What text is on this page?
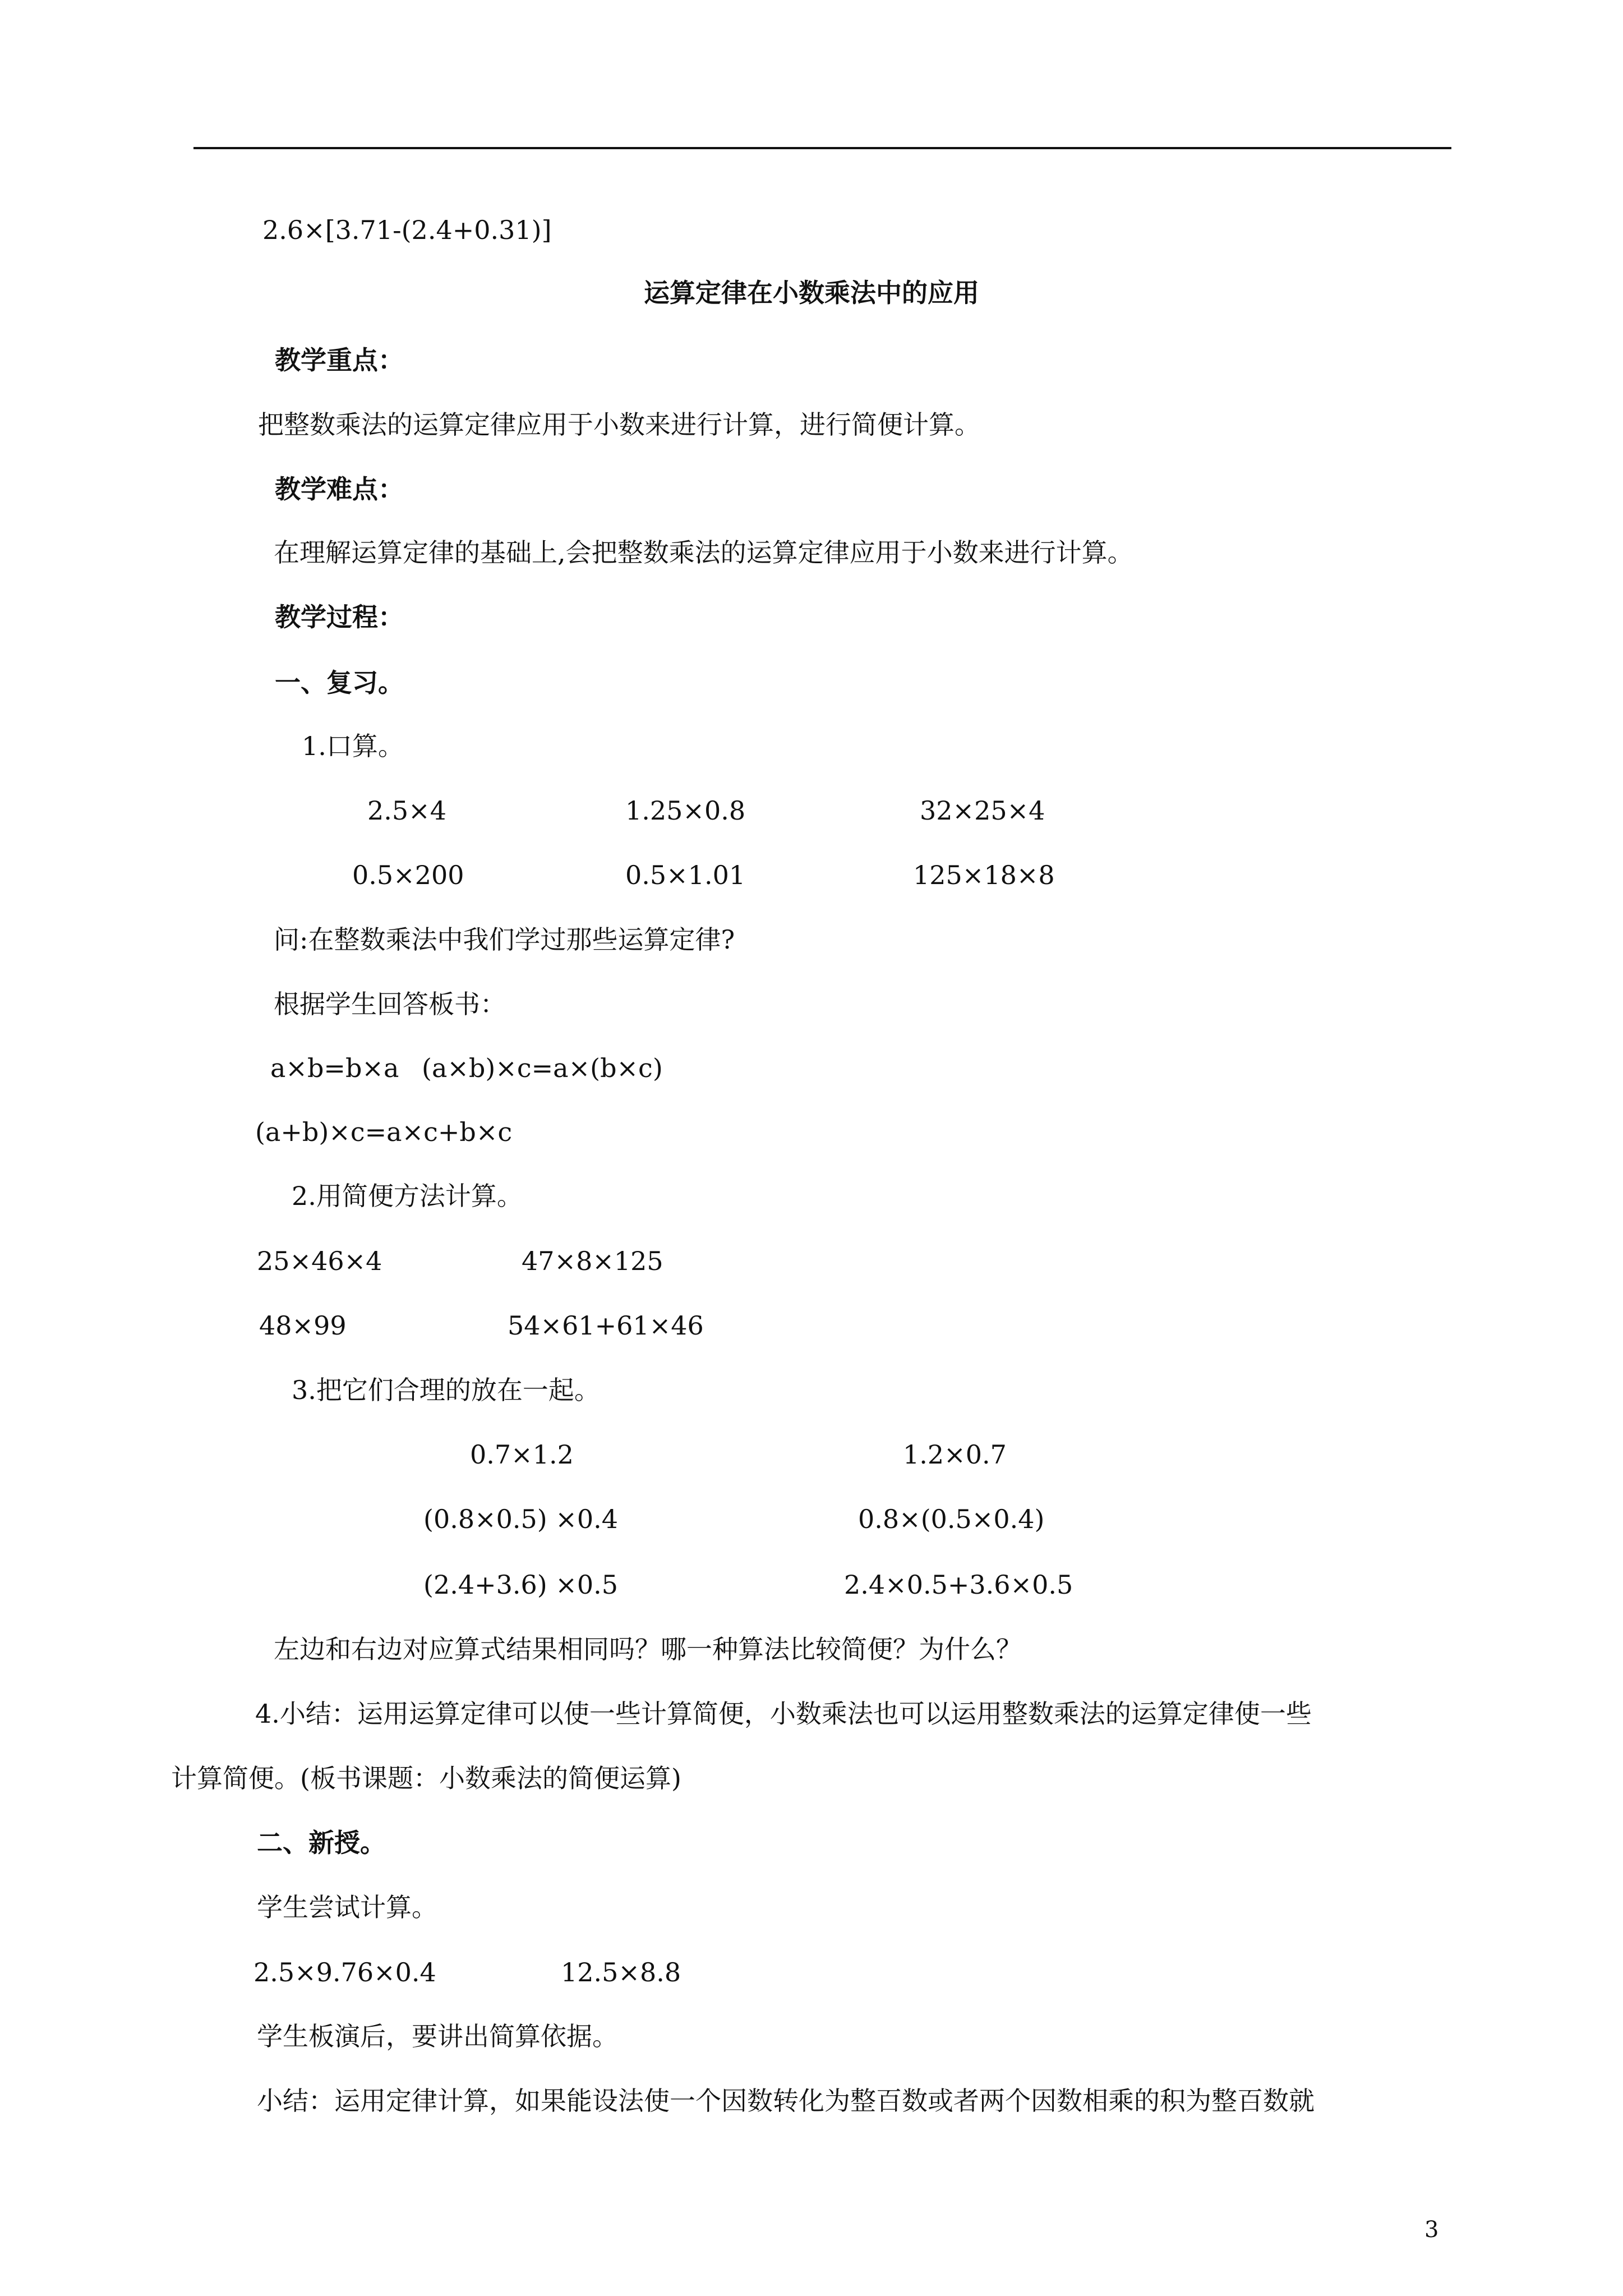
2.6×[3.71-(2.4+0.31)]
运算定律在小数乘法中的应用
教学重点：
把整数乘法的运算定律应用于小数来进行计算，进行简便计算。
教学难点：
在理解运算定律的基础上,会把整数乘法的运算定律应用于小数来进行计算。
教学过程：
一、复习。
1.口算。
2.5×4	1.25×0.8	32×25×4
0.5×200	0.5×1.01	125×18×8
问:在整数乘法中我们学过那些运算定律?
根据学生回答板书：
a×b=b×a (a×b)×c=a×(b×c)
(a+b)×c=a×c+b×c
2.用简便方法计算。
25×46×4	47×8×125
48×99	54×61+61×46
3.把它们合理的放在一起。
0.7×1.2	1.2×0.7
(0.8×0.5) ×0.4	0.8×(0.5×0.4)
(2.4+3.6) ×0.5	2.4×0.5+3.6×0.5
左边和右边对应算式结果相同吗？哪一种算法比较简便？为什么？
4.小结：运用运算定律可以使一些计算简便，小数乘法也可以运用整数乘法的运算定律使一些
计算简便。(板书课题：小数乘法的简便运算)
二、新授。
学生尝试计算。
2.5×9.76×0.4	12.5×8.8
学生板演后，要讲出简算依据。
小结：运用定律计算，如果能设法使一个因数转化为整百数或者两个因数相乘的积为整百数就
3
